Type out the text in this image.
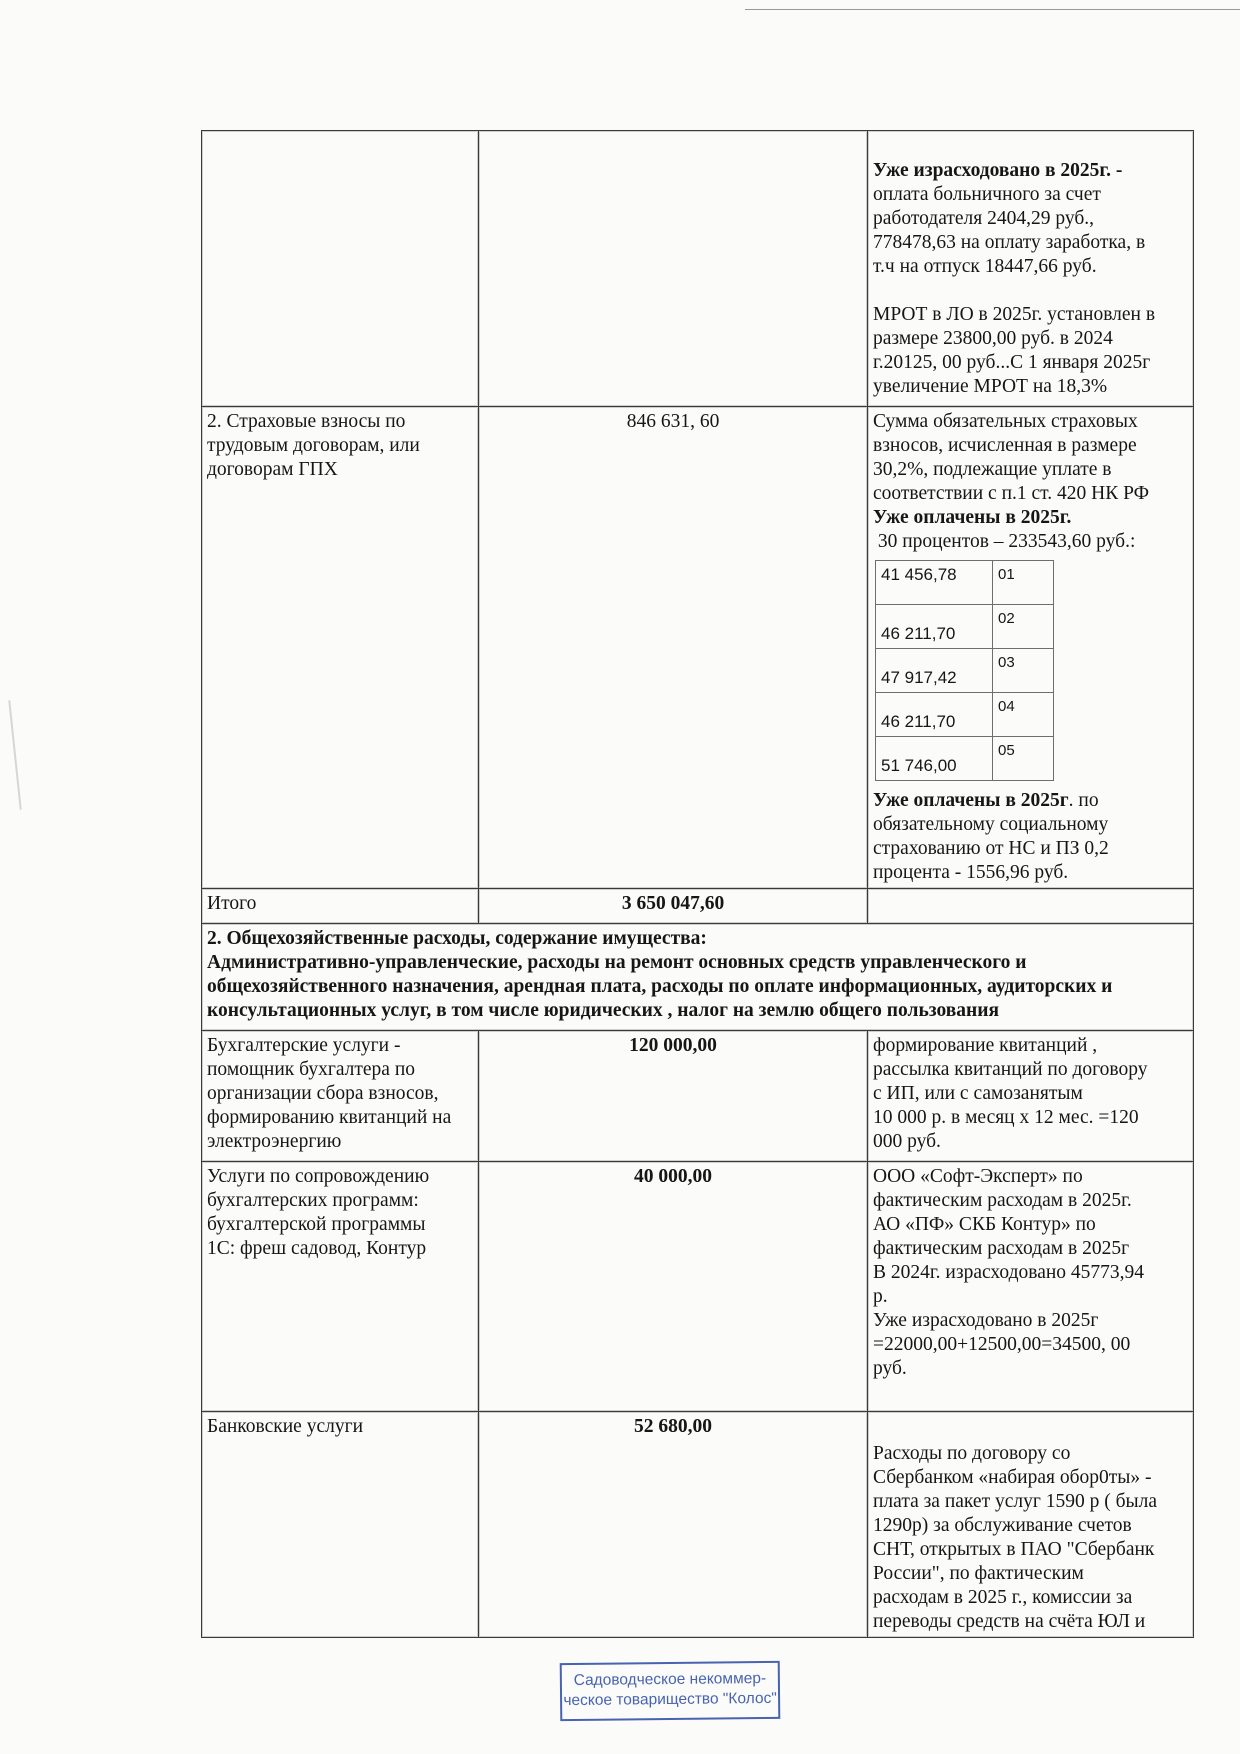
Уже израсходовано в 2025г. -
оплата больничного за счет
работодателя 2404,29 руб.,
778478,63 на оплату заработка, в
т.ч на отпуск 18447,66 руб.
МРОТ в ЛО в 2025г. установлен в
размере 23800,00 руб. в 2024
г.20125, 00 руб...С 1 января 2025г
увеличение МРОТ на 18,3%

2. Страховые взносы по
трудовым договорам, или
договорам ГПХ
	846 631, 60	Сумма обязательных страховых
взносов, исчисленная в размере
30,2%, подлежащие уплате в
соответствии с п.1 ст. 420 НК РФ
Уже оплачены в 2025г.
30 процентов – 233543,60 руб.:
41 456,78	01
46 211,70	02
47 917,42	03
46 211,70	04
51 746,00	05
Уже оплачены в 2025г. по
обязательному социальному
страхованию от НС и ПЗ 0,2
процента - 1556,96 руб.

Итого	3 650 047,60	

2. Общехозяйственные расходы, содержание имущества:
Административно-управленческие, расходы на ремонт основных средств управленческого и
общехозяйственного назначения, арендная плата, расходы по оплате информационных, аудиторских и
консультационных услуг, в том числе юридических , налог на землю общего пользования

Бухгалтерские услуги -
помощник бухгалтера по
организации сбора взносов,
формированию квитанций на
электроэнергию
	120 000,00	формирование квитанций ,
рассылка квитанций по договору
с ИП, или с самозанятым
10 000 р. в месяц х 12 мес. =120
000 руб.

Услуги по сопровождению
бухгалтерских программ:
бухгалтерской программы
1С: фреш садовод, Контур
	40 000,00	ООО «Софт-Эксперт» по
фактическим расходам в 2025г.
АО «ПФ» СКБ Контур» по
фактическим расходам в 2025г
В 2024г. израсходовано 45773,94
р.
Уже израсходовано в 2025г
=22000,00+12500,00=34500, 00
руб.

Банковские услуги	52 680,00	
Расходы по договору со
Сбербанком «набирая обор0ты» -
плата за пакет услуг 1590 р ( была
1290р) за обслуживание счетов
СНТ, открытых в ПАО "Сбербанк
России", по фактическим
расходам в 2025 г., комиссии за
переводы средств на счёта ЮЛ и
Садоводческое некоммер-
ческое товарищество "Колос"
